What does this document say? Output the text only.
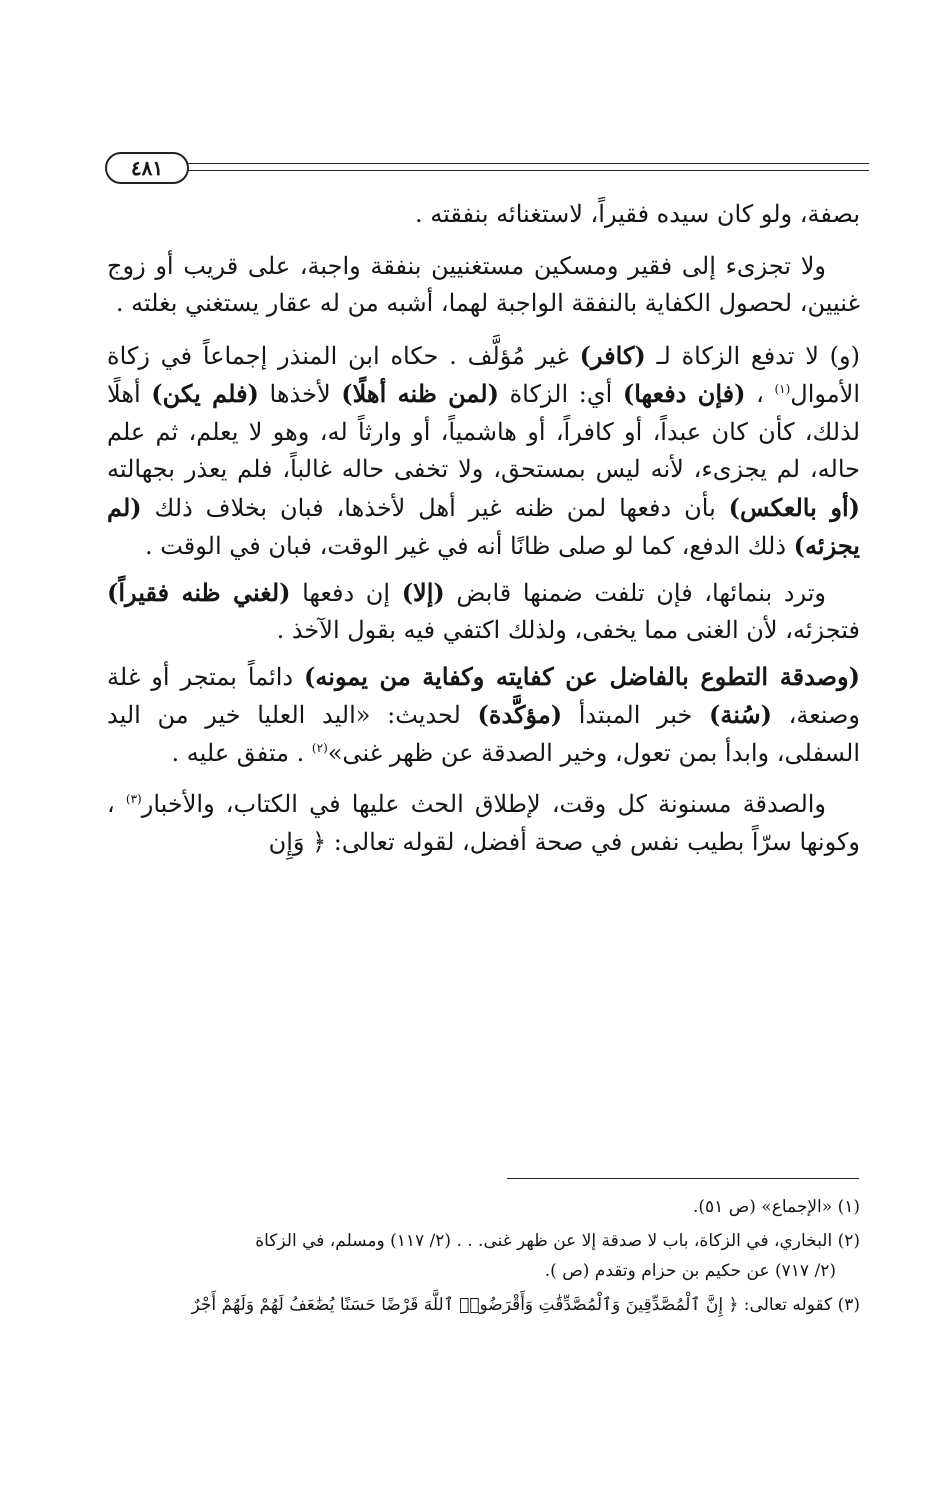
٤٨١

بصفة، ولو كان سيده فقيراً، لاستغنائه بنفقته .

ولا تجزىء إلى فقير ومسكين مستغنيين بنفقة واجبة، على قريب أو زوج غنيين، لحصول الكفاية بالنفقة الواجبة لهما، أشبه من له عقار يستغني بغلته .

(و) لا تدفع الزكاة لـ (كافر) غير مُؤلَّف . حكاه ابن المنذر إجماعاً في زكاة الأموال$^{(١)}$ ، (فإن دفعها) أي: الزكاة (لمن ظنه أهلًا) لأخذها (فلم يكن) أهلًا لذلك، كأن كان عبداً، أو كافراً، أو هاشمياً، أو وارثاً له، وهو لا يعلم، ثم علم حاله، لم يجزىء، لأنه ليس بمستحق، ولا تخفى حاله غالباً، فلم يعذر بجهالته (أو بالعكس) بأن دفعها لمن ظنه غير أهل لأخذها، فبان بخلاف ذلك (لم يجزئه) ذلك الدفع، كما لو صلى ظانًا أنه في غير الوقت، فبان في الوقت .

وترد بنمائها، فإن تلفت ضمنها قابض (إلا) إن دفعها (لغني ظنه فقيراً) فتجزئه، لأن الغنى مما يخفى، ولذلك اكتفي فيه بقول الآخذ .

(وصدقة التطوع بالفاضل عن كفايته وكفاية من يمونه) دائماً بمتجر أو غلة وصنعة، (سُنة) خبر المبتدأ (مؤكَّدة) لحديث: «اليد العليا خير من اليد السفلى، وابدأ بمن تعول، وخير الصدقة عن ظهر غنى»$^{(٢)}$ . متفق عليه .

والصدقة مسنونة كل وقت، لإطلاق الحث عليها في الكتاب، والأخبار$^{(٣)}$ ، وكونها سرّاً بطيب نفس في صحة أفضل، لقوله تعالى: ﴿ وَإِن

(١) «الإجماع» (ص ٥١).

(٢) البخاري، في الزكاة، باب لا صدقة إلا عن ظهر غنى. . . (٢/ ١١٧) ومسلم، في الزكاة

(٢/ ٧١٧) عن حكيم بن حزام وتقدم (ص ).

(٣) كقوله تعالى: ﴿ إِنَّ ٱلْمُصَّدِّقِينَ وَٱلْمُصَّدِّقَٰتِ وَأَقْرَضُوا۟ ٱللَّهَ قَرْضًا حَسَنًا يُضَٰعَفُ لَهُمْ وَلَهُمْ أَجْرٌ
